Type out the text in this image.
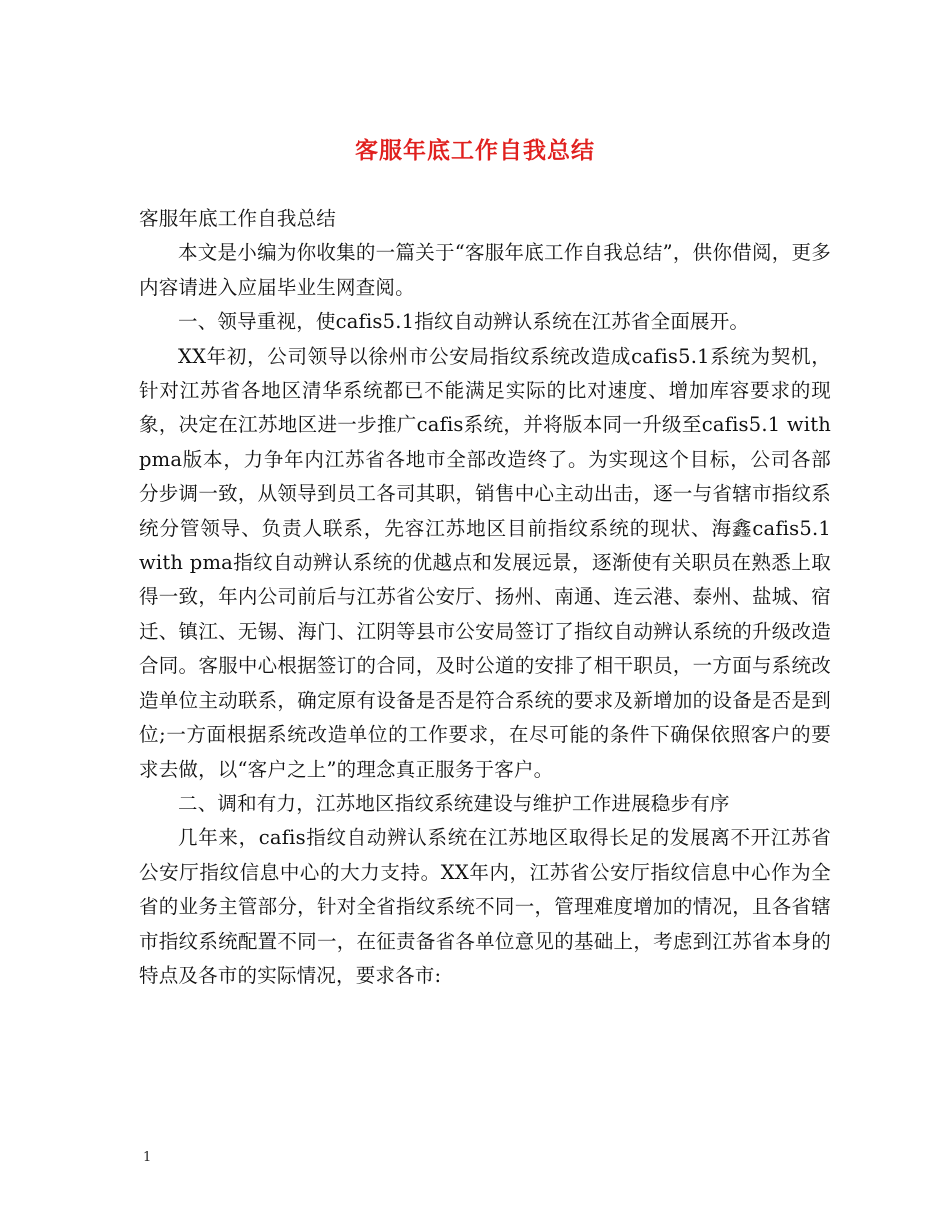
客服年底工作自我总结

客服年底工作自我总结

本文是小编为你收集的一篇关于“客服年底工作自我总结”，供你借阅，更多内容请进入应届毕业生网查阅。

一、领导重视，使cafis5.1指纹自动辨认系统在江苏省全面展开。

XX年初，公司领导以徐州市公安局指纹系统改造成cafis5.1系统为契机，针对江苏省各地区清华系统都已不能满足实际的比对速度、增加库容要求的现象，决定在江苏地区进一步推广cafis系统，并将版本同一升级至cafis5.1 with pma版本，力争年内江苏省各地市全部改造终了。为实现这个目标，公司各部分步调一致，从领导到员工各司其职，销售中心主动出击，逐一与省辖市指纹系统分管领导、负责人联系，先容江苏地区目前指纹系统的现状、海鑫cafis5.1 with pma指纹自动辨认系统的优越点和发展远景，逐渐使有关职员在熟悉上取得一致，年内公司前后与江苏省公安厅、扬州、南通、连云港、泰州、盐城、宿迁、镇江、无锡、海门、江阴等县市公安局签订了指纹自动辨认系统的升级改造合同。客服中心根据签订的合同，及时公道的安排了相干职员，一方面与系统改造单位主动联系，确定原有设备是否是符合系统的要求及新增加的设备是否是到位;一方面根据系统改造单位的工作要求，在尽可能的条件下确保依照客户的要求去做，以“客户之上”的理念真正服务于客户。

二、调和有力，江苏地区指纹系统建设与维护工作进展稳步有序

几年来，cafis指纹自动辨认系统在江苏地区取得长足的发展离不开江苏省公安厅指纹信息中心的大力支持。XX年内，江苏省公安厅指纹信息中心作为全省的业务主管部分，针对全省指纹系统不同一，管理难度增加的情况，且各省辖市指纹系统配置不同一，在征责备省各单位意见的基础上，考虑到江苏省本身的特点及各市的实际情况，要求各市:

1
